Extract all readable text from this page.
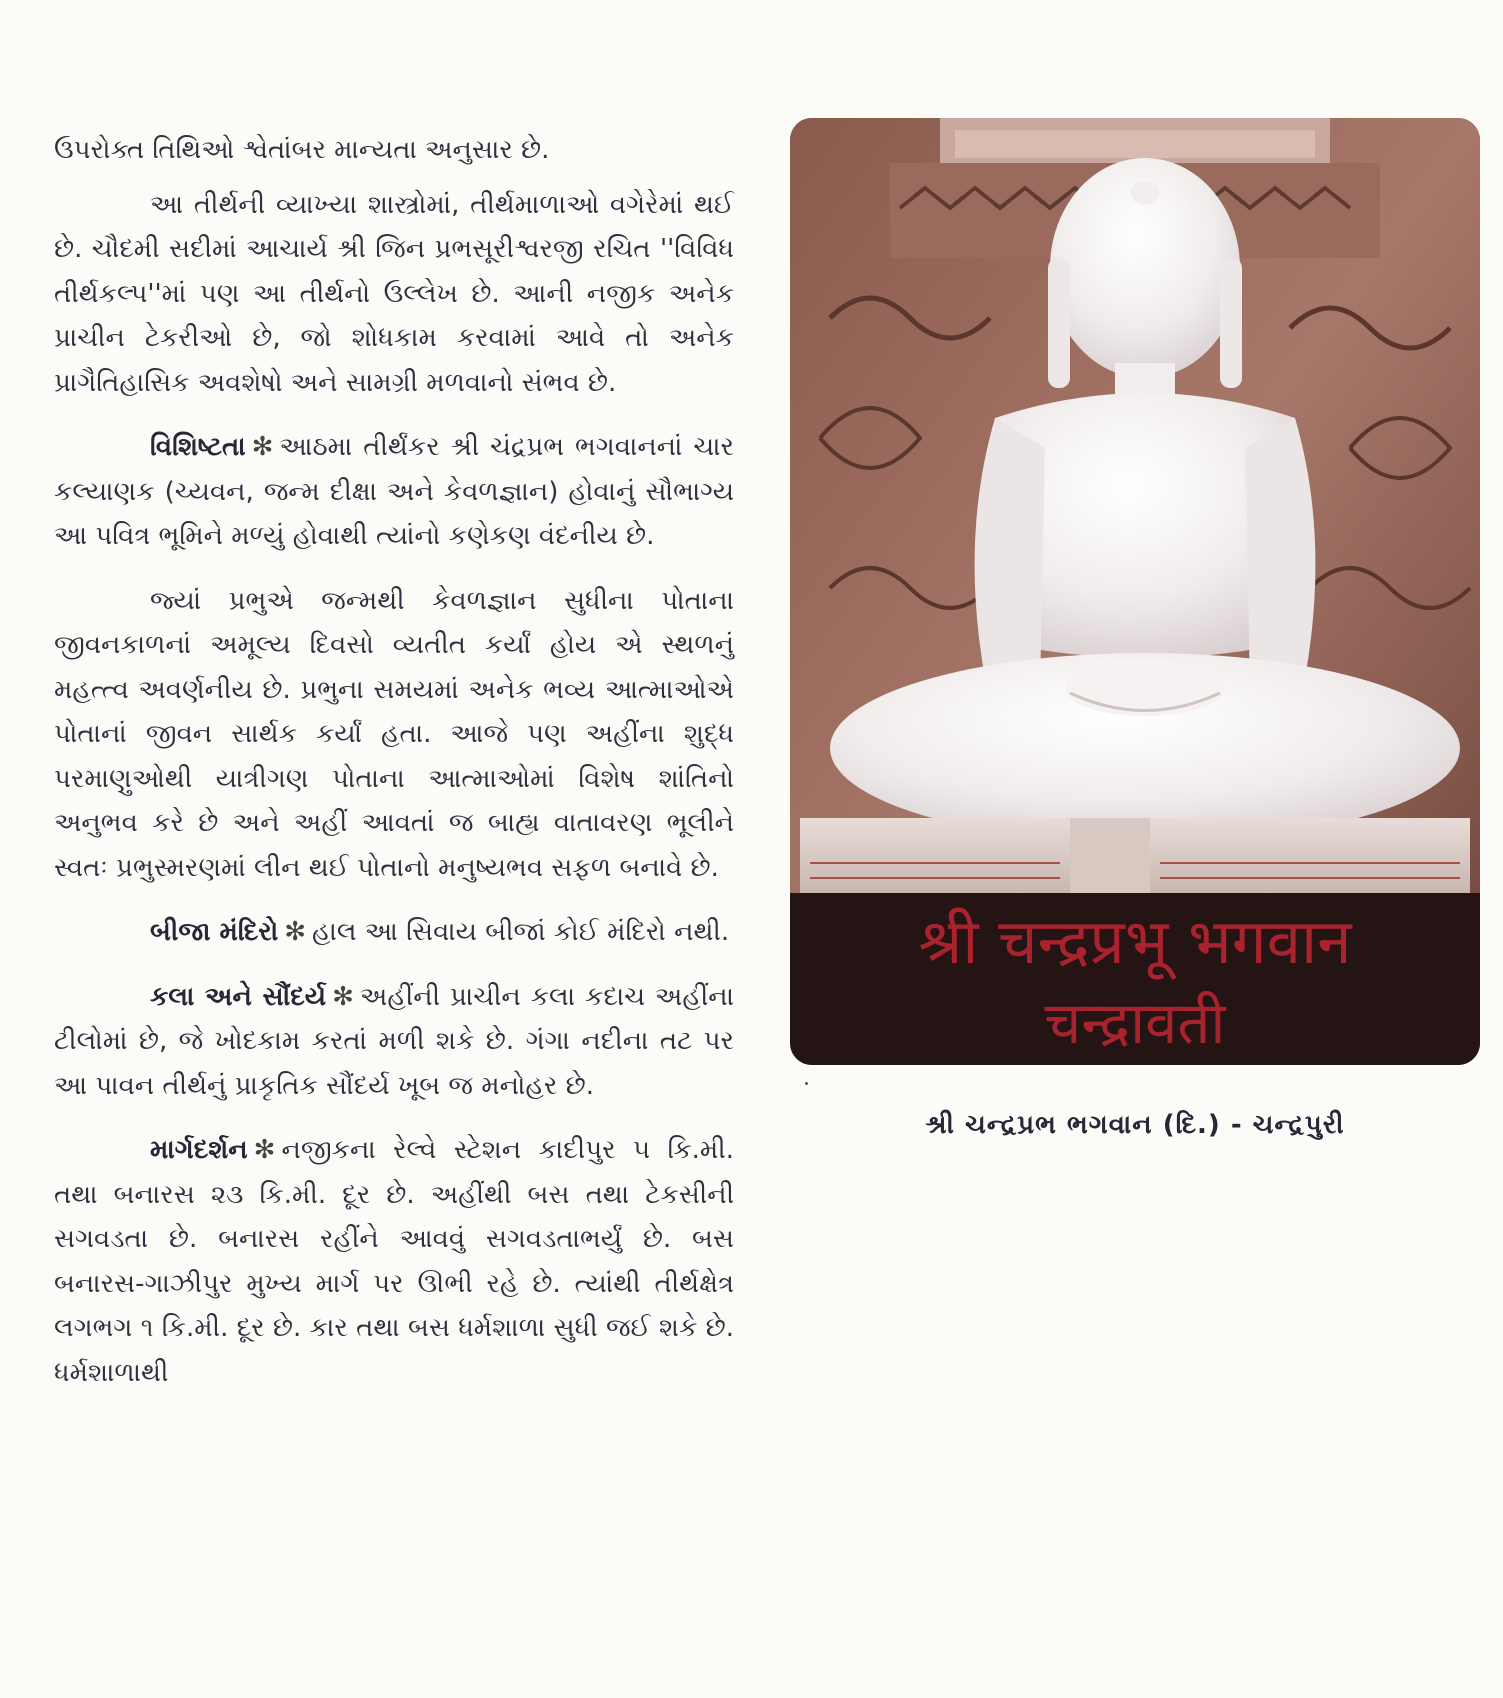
ઉપરોક્ત તિથિઓ શ્વેતાંબર માન્યતા અનુસાર છે.

આ તીર્થની વ્યાખ્યા શાસ્ત્રોમાં, તીર્થમાળાઓ વગેરેમાં થઈ છે. ચૌદમી સદીમાં આચાર્ય શ્રી જિન પ્રભસૂરીશ્વરજી રચિત ''વિવિધ તીર્થકલ્પ''માં પણ આ તીર્થનો ઉલ્લેખ છે. આની નજીક અનેક પ્રાચીન ટેકરીઓ છે, જો શોધકામ કરવામાં આવે તો અનેક પ્રાગૈતિહાસિક અવશેષો અને સામગ્રી મળવાનો સંભવ છે.

વિશિષ્ટતા ✻ આઠમા તીર્થંકર શ્રી ચંદ્રપ્રભ ભગવાનનાં ચાર કલ્યાણક (ચ્યવન, જન્મ દીક્ષા અને કેવળજ્ઞાન) હોવાનું સૌભાગ્ય આ પવિત્ર ભૂમિને મળ્યું હોવાથી ત્યાંનો કણેકણ વંદનીય છે.

જ્યાં પ્રભુએ જન્મથી કેવળજ્ઞાન સુધીના પોતાના જીવનકાળનાં અમૂલ્ય દિવસો વ્યતીત કર્યાં હોય એ સ્થળનું મહત્ત્વ અવર્ણનીય છે. પ્રભુના સમયમાં અનેક ભવ્ય આત્માઓએ પોતાનાં જીવન સાર્થક કર્યાં હતા. આજે પણ અહીંના શુદ્ધ પરમાણુઓથી યાત્રીગણ પોતાના આત્માઓમાં વિશેષ શાંતિનો અનુભવ કરે છે અને અહીં આવતાં જ બાહ્ય વાતાવરણ ભૂલીને સ્વતઃ પ્રભુસ્મરણમાં લીન થઈ પોતાનો મનુષ્યભવ સફળ બનાવે છે.

બીજા મંદિરો ✻ હાલ આ સિવાય બીજાં કોઈ મંદિરો નથી.

કલા અને સૌંદર્ય ✻ અહીંની પ્રાચીન કલા કદાચ અહીંના ટીલોમાં છે, જે ખોદકામ કરતાં મળી શકે છે. ગંગા નદીના તટ પર આ પાવન તીર્થનું પ્રાકૃતિક સૌંદર્ય ખૂબ જ મનોહર છે.

માર્ગદર્શન ✻ નજીકના રેલ્વે સ્ટેશન કાદીપુર ૫ કિ.મી. તથા બનારસ ૨૩ કિ.મી. દૂર છે. અહીંથી બસ તથા ટેકસીની સગવડતા છે. બનારસ રહીંને આવવું સગવડતાભર્યું છે. બસ બનારસ-ગાઝીપુર મુખ્ય માર્ગ પર ઊભી રહે છે. ત્યાંથી તીર્થક્ષેત્ર લગભગ ૧ કિ.મી. દૂર છે. કાર તથા બસ ધર્મશાળા સુધી જઈ શકે છે. ધર્મશાળાથી

श्री चन्द्रप्रभू भगवान
चन्द्रावती
શ્રી ચન્દ્રપ્રભ ભગવાન (દિ.) - ચન્દ્રપુરી
